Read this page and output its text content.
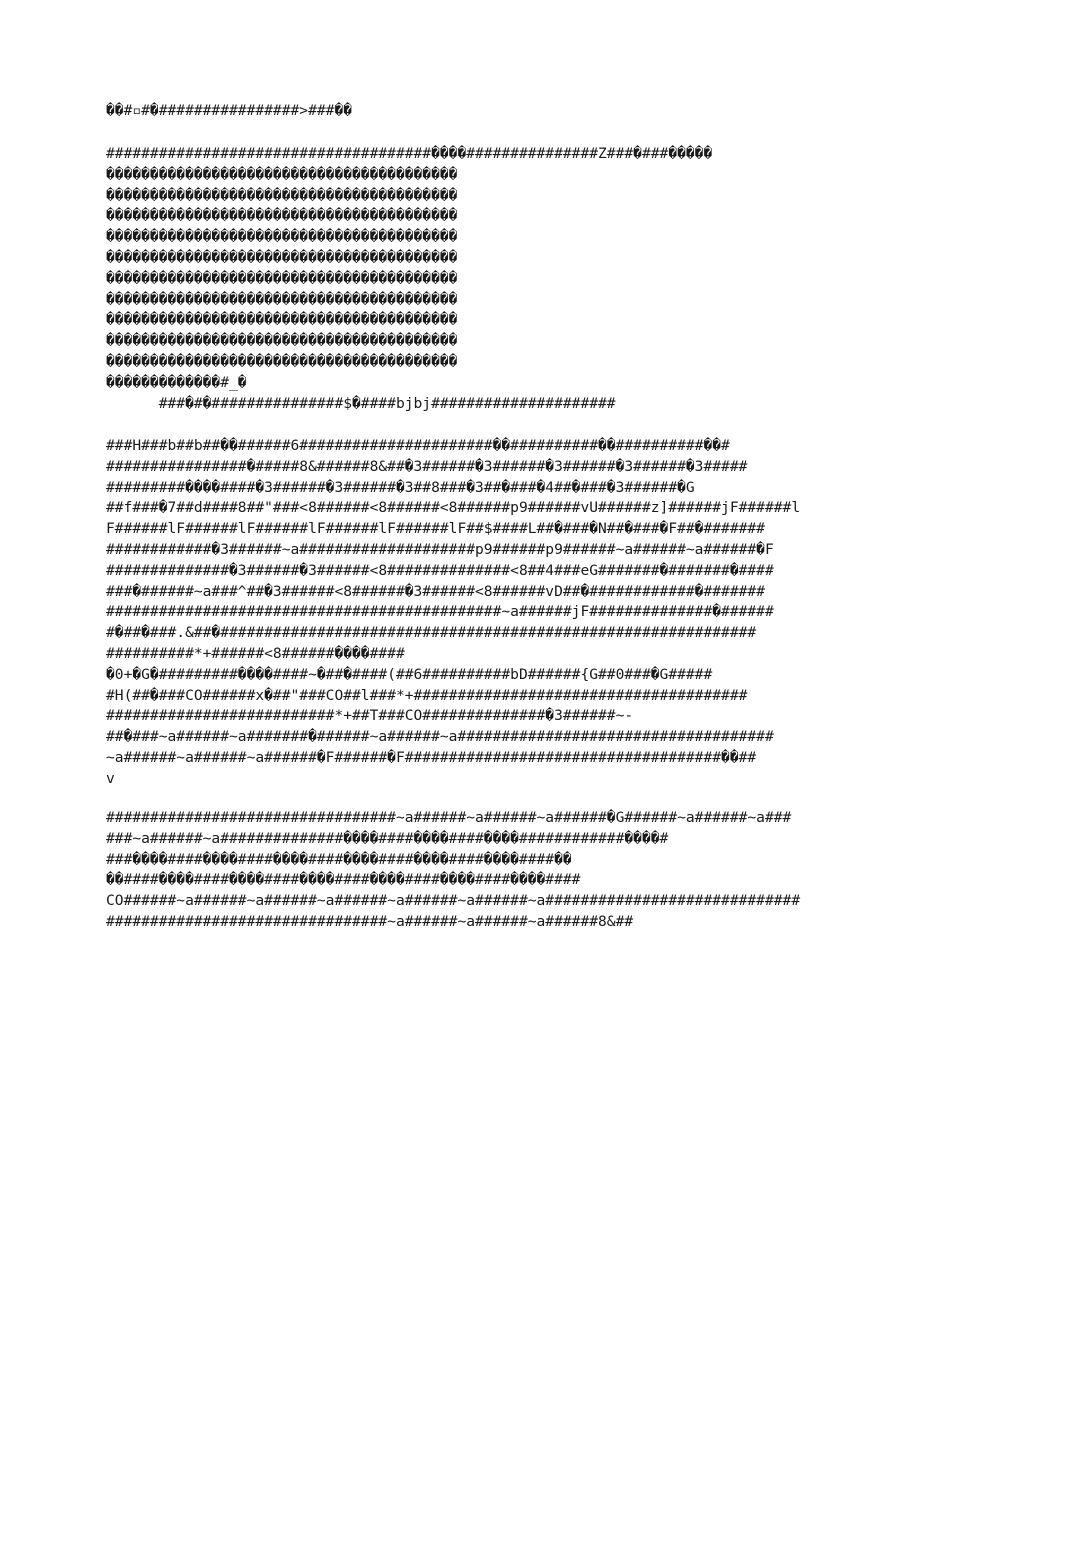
��#▫#�################>###��
#####################################����###############Z###�###�����
����������������������������������������
����������������������������������������
����������������������������������������
����������������������������������������
����������������������������������������
����������������������������������������
����������������������������������������
����������������������������������������
����������������������������������������
����������������������������������������
�������������#_�
###�#�###############$�####bjbj#####################
###H###b##b##��######6######################��##########��##########��#
################�#####8&######8&##�3######�3######�3######�3######�3#####
#########����####�3######�3######�3##8###�3##�###�4##�###�3######�G
##f###�7##d####8##"###<8######<8######<8######p9######vU######z]######jF######l
F######lF######lF######lF######lF######lF##$####L##�###�N##�###�F##�#######
############�3######~a####################p9######p9######~a######~a######�F
##############�3######�3######<8##############<8##4###eG#######�#######�####
###�######~a###^##�3######<8######�3######<8######vD##�############�#######
#############################################~a######jF##############�######
#�##�###.&##�#############################################################
##########*+######<8######����####
�0+�G�#########����####~�##�####(##6##########bD######{G##0###�G#####
#H(##�###CO######x�##"###CO##l###*+######################################
##########################*+##T###CO##############�3######~-
##�###~a######~a#######�######~a######~a####################################
~a######~a######~a######�F######�F####################################��##
v
#################################~a######~a######~a######�G######~a######~a###
###~a######~a##############����####����####����############����#
###����####����####����####����####����####����####��
��####����####����####����####����####����####����####
CO######~a######~a######~a######~a######~a######~a#############################
################################~a######~a######~a######8&##
